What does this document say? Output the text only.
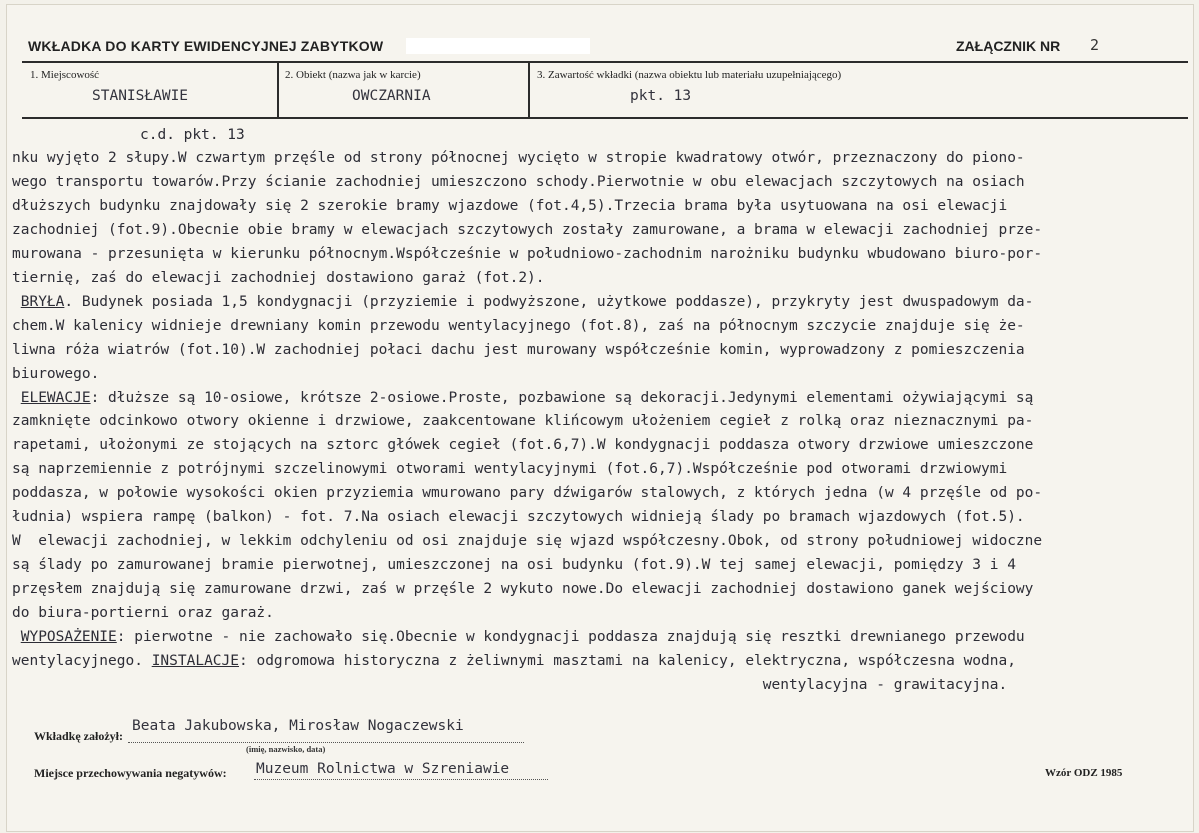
WKŁADKA DO KARTY EWIDENCYJNEJ ZABYTKOW	ZAŁĄCZNIK NR 2
1. Miejscowość
STANISŁAWIE
2. Obiekt (nazwa jak w karcie)
OWCZARNIA
3. Zawartość wkładki (nazwa obiektu lub materiału uzupełniającego)
pkt. 13
c.d. pkt. 13
nku wyjęto 2 słupy.W czwartym przęśle od strony północnej wycięto w stropie kwadratowy otwór, przeznaczony do piono-
wego transportu towarów.Przy ścianie zachodniej umieszczono schody.Pierwotnie w obu elewacjach szczytowych na osiach
dłuższych budynku znajdowały się 2 szerokie bramy wjazdowe (fot.4,5).Trzecia brama była usytuowana na osi elewacji
zachodniej (fot.9).Obecnie obie bramy w elewacjach szczytowych zostały zamurowane, a brama w elewacji zachodniej prze-
murowana - przesunięta w kierunku północnym.Współcześnie w południowo-zachodnim narożniku budynku wbudowano biuro-por-
tiernię, zaś do elewacji zachodniej dostawiono garaż (fot.2).
BRYŁA. Budynek posiada 1,5 kondygnacji (przyziemie i podwyższone, użytkowe poddasze), przykryty jest dwuspadowym da-
chem.W kalenicy widnieje drewniany komin przewodu wentylacyjnego (fot.8), zaś na północnym szczycie znajduje się że-
liwna róża wiatrów (fot.10).W zachodniej połaci dachu jest murowany współcześnie komin, wyprowadzony z pomieszczenia
biurowego.
ELEWACJE: dłuższe są 10-osiowe, krótsze 2-osiowe.Proste, pozbawione są dekoracji.Jedynymi elementami ożywiającymi są
zamknięte odcinkowo otwory okienne i drzwiowe, zaakcentowane klińcowym ułożeniem cegieł z rolką oraz nieznacznymi pa-
rapetami, ułożonymi ze stojących na sztorc główek cegieł (fot.6,7).W kondygnacji poddasza otwory drzwiowe umieszczone
są naprzemiennie z potrójnymi szczelinowymi otworami wentylacyjnymi (fot.6,7).Współcześnie pod otworami drzwiowymi
poddasza, w połowie wysokości okien przyziemia wmurowano pary dźwigarów stalowych, z których jedna (w 4 przęśle od po-
łudnia) wspiera rampę (balkon) - fot. 7.Na osiach elewacji szczytowych widnieją ślady po bramach wjazdowych (fot.5).
W  elewacji zachodniej, w lekkim odchyleniu od osi znajduje się wjazd współczesny.Obok, od strony południowej widoczne
są ślady po zamurowanej bramie pierwotnej, umieszczonej na osi budynku (fot.9).W tej samej elewacji, pomiędzy 3 i 4
przęsłem znajdują się zamurowane drzwi, zaś w przęśle 2 wykuto nowe.Do elewacji zachodniej dostawiono ganek wejściowy
do biura-portierni oraz garaż.
WYPOSAŻENIE: pierwotne - nie zachowało się.Obecnie w kondygnacji poddasza znajdują się resztki drewnianego przewodu
wentylacyjnego. INSTALACJE: odgromowa historyczna z żeliwnymi masztami na kalenicy, elektryczna, współczesna wodna,
wentylacyjna - grawitacyjna.
Wkładkę założył:
Beata Jakubowska, Mirosław Nogaczewski
(imię, nazwisko, data)
Miejsce przechowywania negatywów: Muzeum Rolnictwa w Szreniawie	Wzór ODZ 1985
